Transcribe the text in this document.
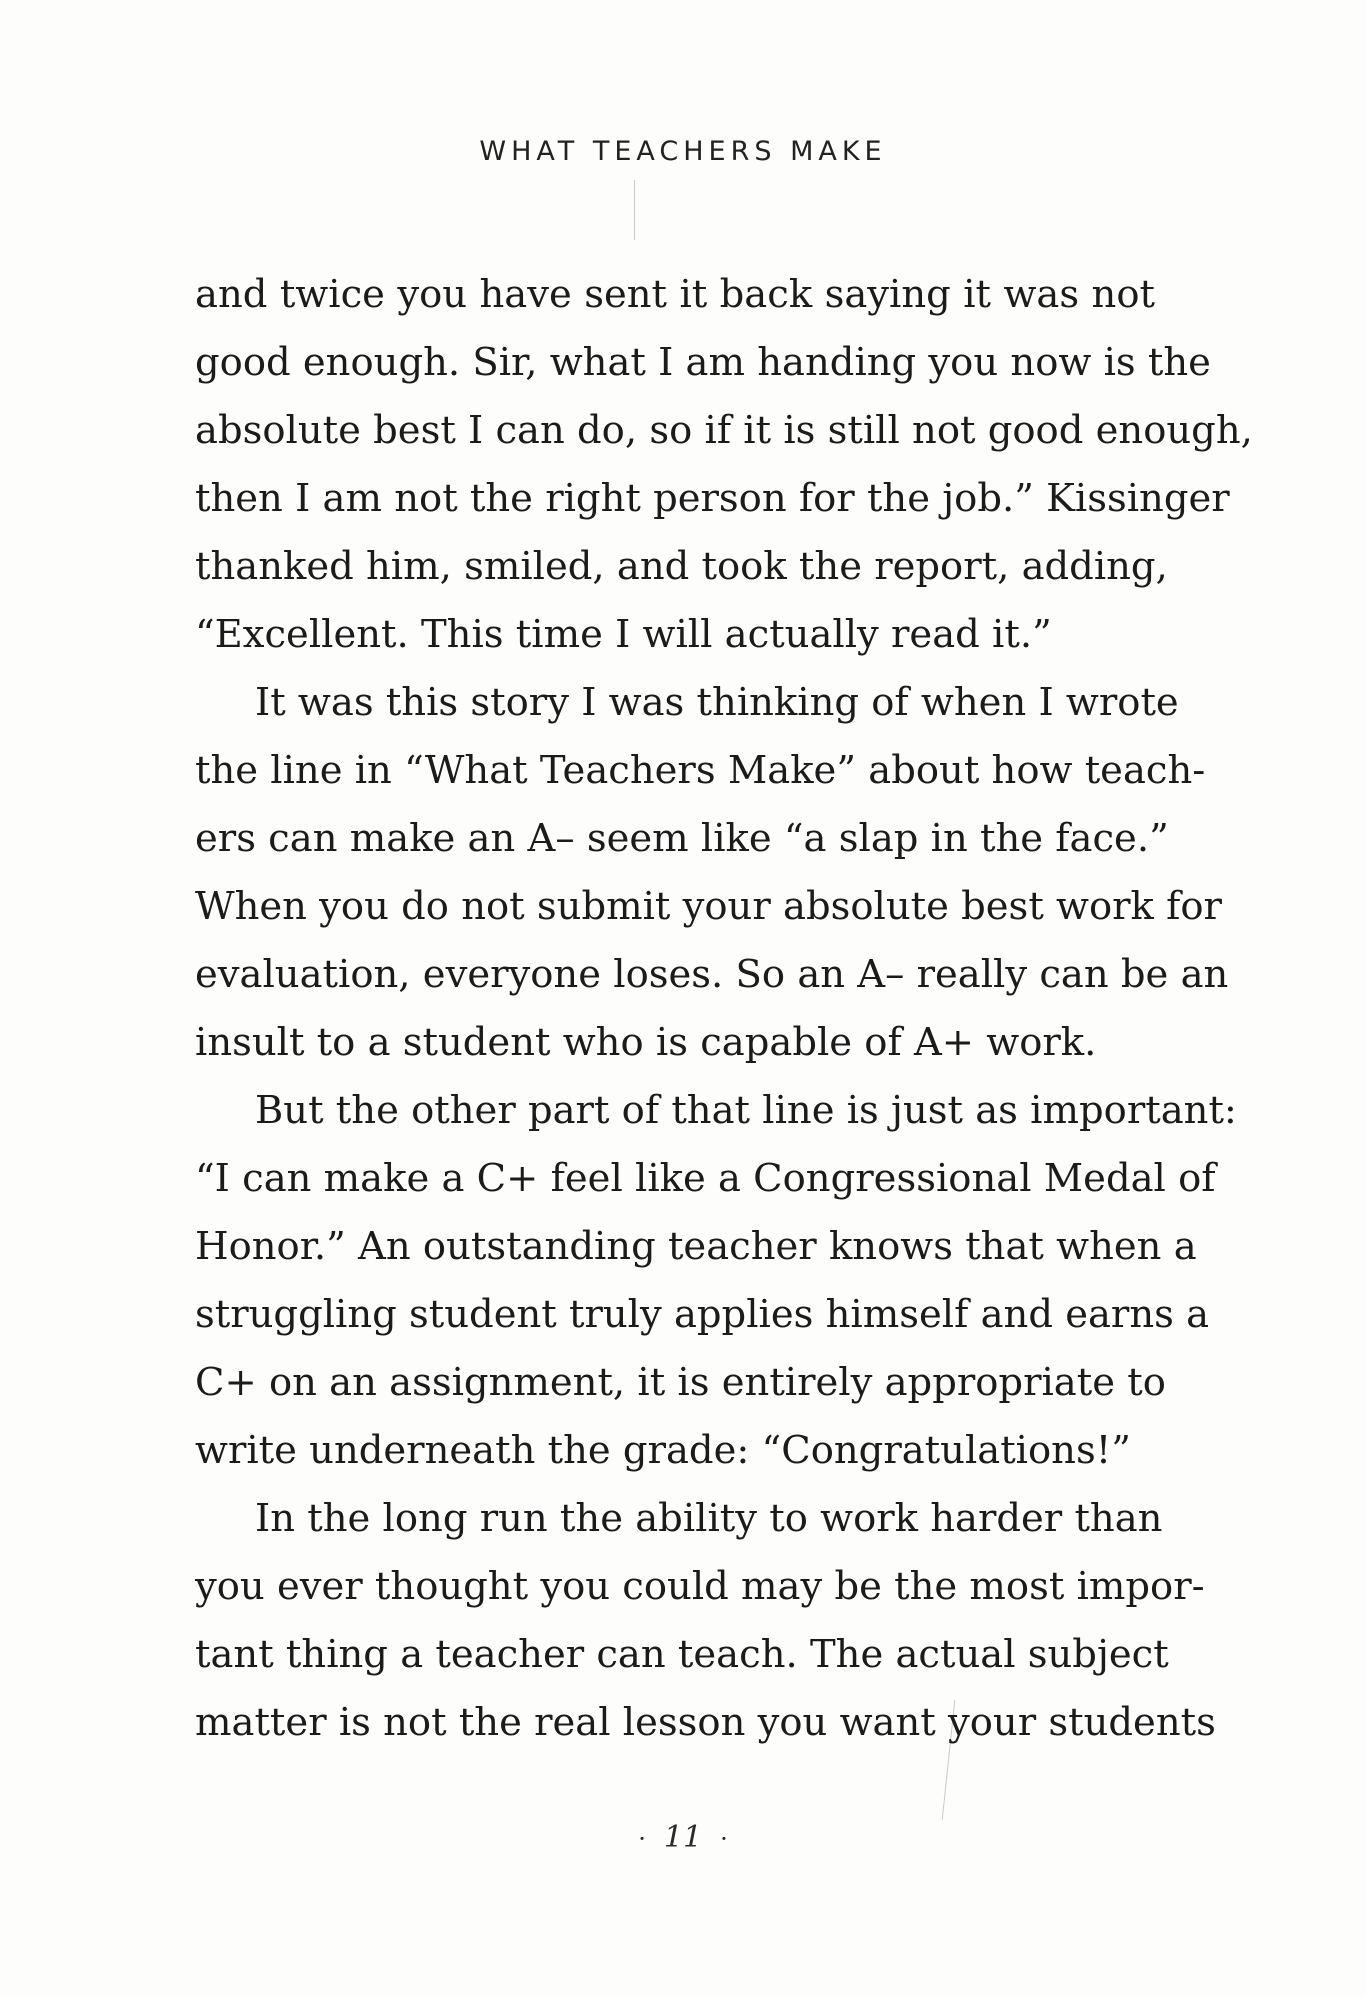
WHAT TEACHERS MAKE
and twice you have sent it back saying it was not
good enough. Sir, what I am handing you now is the
absolute best I can do, so if it is still not good enough,
then I am not the right person for the job.” Kissinger
thanked him, smiled, and took the report, adding,
“Excellent. This time I will actually read it.”
It was this story I was thinking of when I wrote
the line in “What Teachers Make” about how teach-
ers can make an A– seem like “a slap in the face.”
When you do not submit your absolute best work for
evaluation, everyone loses. So an A– really can be an
insult to a student who is capable of A+ work.
But the other part of that line is just as important:
“I can make a C+ feel like a Congressional Medal of
Honor.” An outstanding teacher knows that when a
struggling student truly applies himself and earns a
C+ on an assignment, it is entirely appropriate to
write underneath the grade: “Congratulations!”
In the long run the ability to work harder than
you ever thought you could may be the most impor-
tant thing a teacher can teach. The actual subject
matter is not the real lesson you want your students
· 11 ·
